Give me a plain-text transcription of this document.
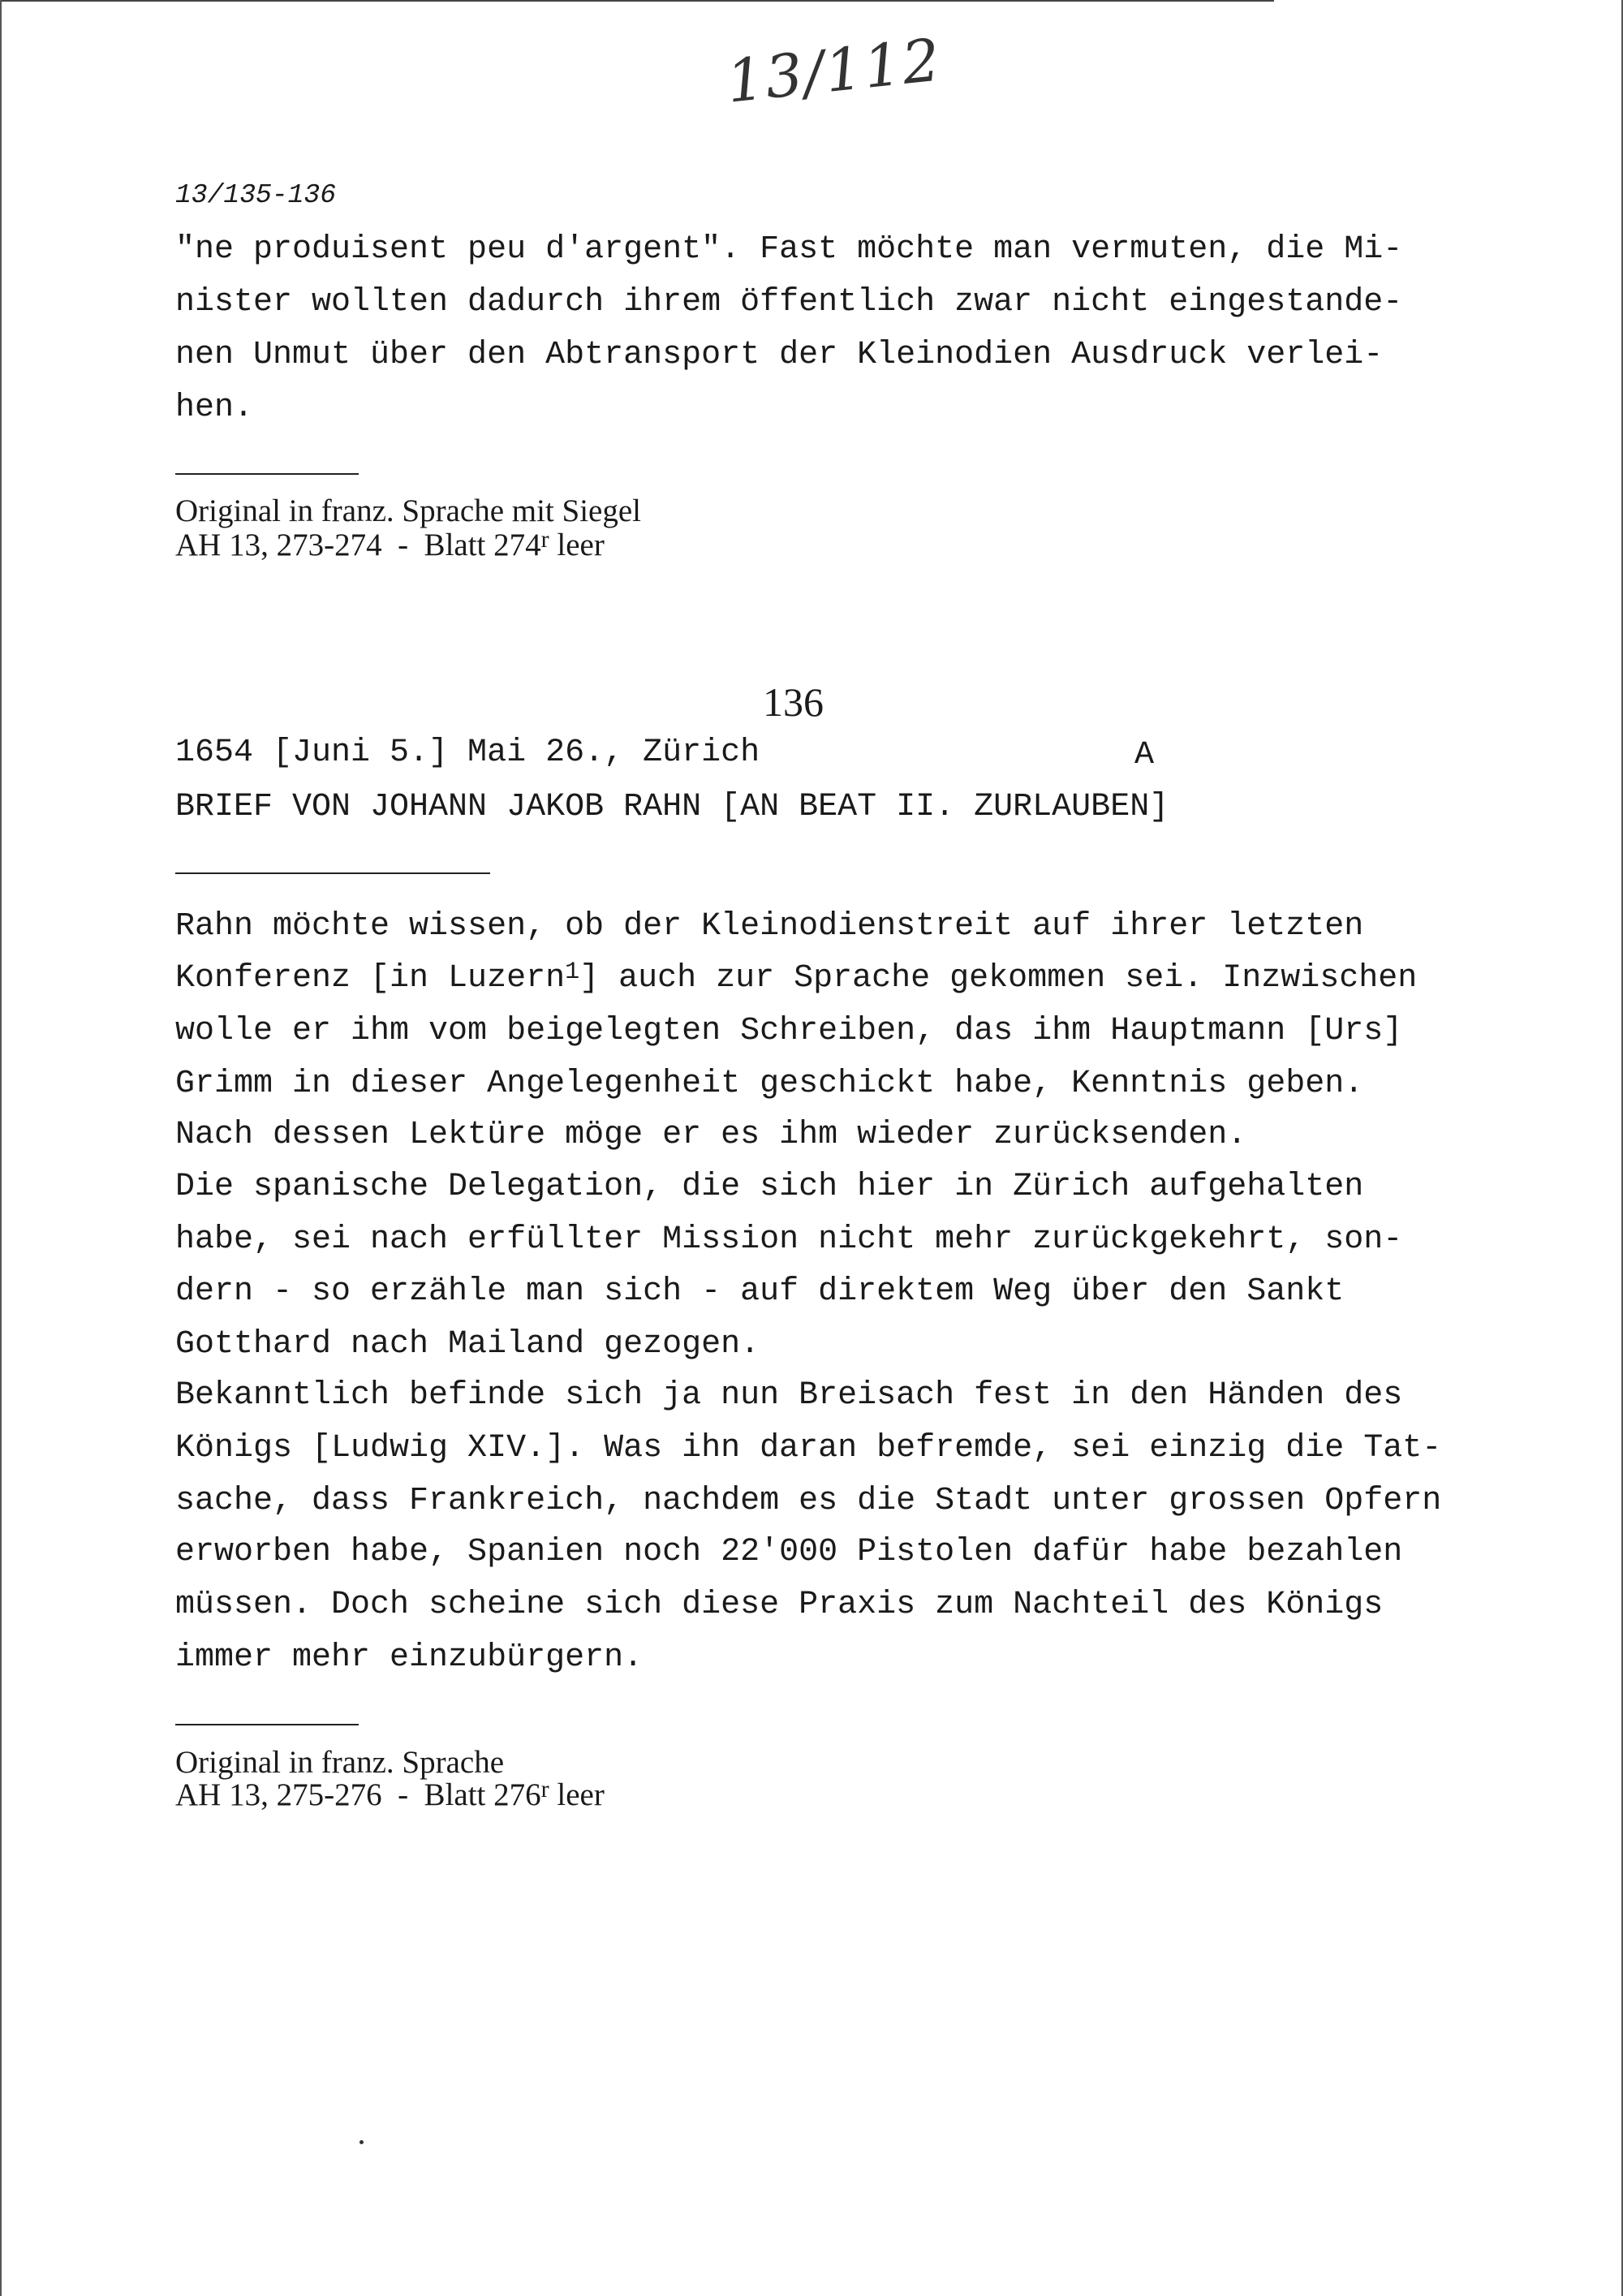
13/112
13/135-136
"ne produisent peu d'argent". Fast möchte man vermuten, die Mi-
nister wollten dadurch ihrem öffentlich zwar nicht eingestande-
nen Unmut über den Abtransport der Kleinodien Ausdruck verlei-
hen.
Original in franz. Sprache mit Siegel
AH 13, 273-274  -  Blatt 274$^r$ leer
136
1654 [Juni 5.] Mai 26., Zürich	A
BRIEF VON JOHANN JAKOB RAHN [AN BEAT II. ZURLAUBEN]
Rahn möchte wissen, ob der Kleinodienstreit auf ihrer letzten
Konferenz [in Luzern$^1$] auch zur Sprache gekommen sei. Inzwischen
wolle er ihm vom beigelegten Schreiben, das ihm Hauptmann [Urs]
Grimm in dieser Angelegenheit geschickt habe, Kenntnis geben.
Nach dessen Lektüre möge er es ihm wieder zurücksenden.
Die spanische Delegation, die sich hier in Zürich aufgehalten
habe, sei nach erfüllter Mission nicht mehr zurückgekehrt, son-
dern - so erzähle man sich - auf direktem Weg über den Sankt
Gotthard nach Mailand gezogen.
Bekanntlich befinde sich ja nun Breisach fest in den Händen des
Königs [Ludwig XIV.]. Was ihn daran befremde, sei einzig die Tat-
sache, dass Frankreich, nachdem es die Stadt unter grossen Opfern
erworben habe, Spanien noch 22'000 Pistolen dafür habe bezahlen
müssen. Doch scheine sich diese Praxis zum Nachteil des Königs
immer mehr einzubürgern.
Original in franz. Sprache
AH 13, 275-276  -  Blatt 276$^r$ leer
